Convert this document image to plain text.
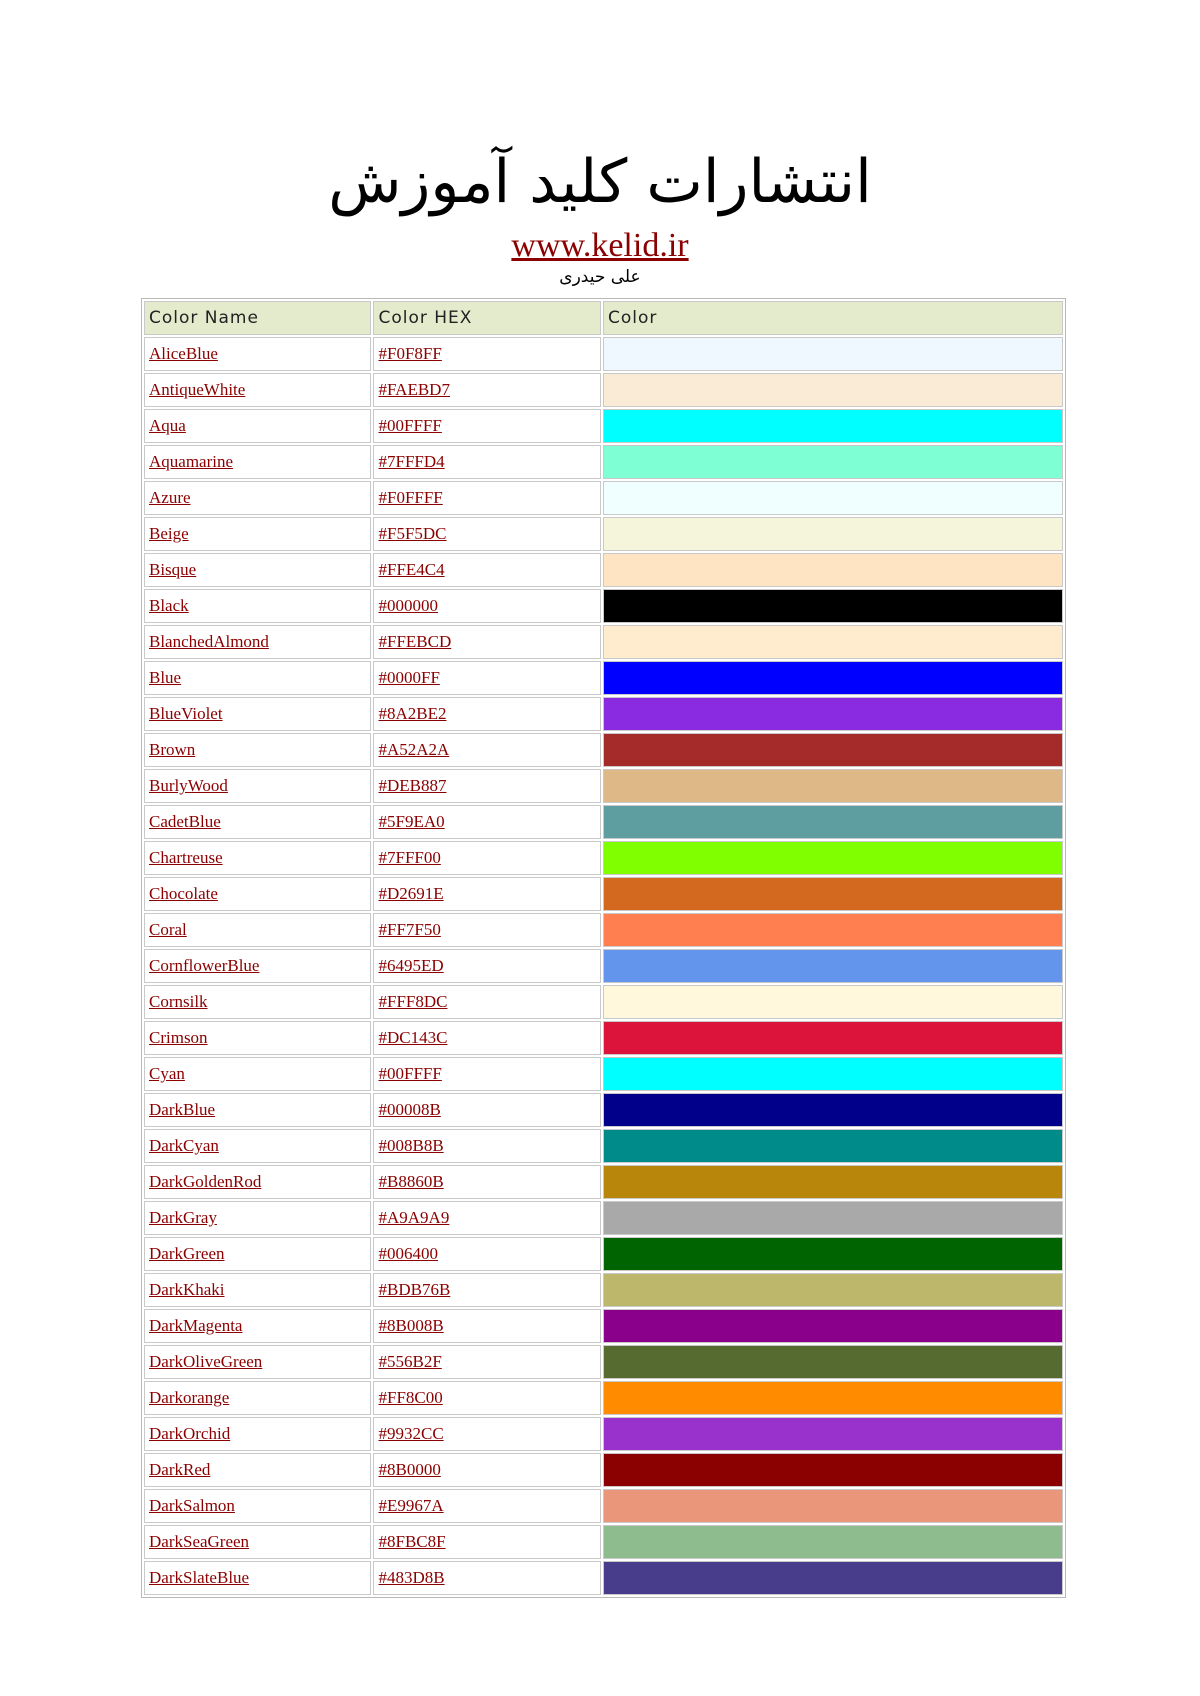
انتشارات کلید آموزش
www.kelid.ir
علی حیدری
Color Name	Color HEX	Color
AliceBlue	#F0F8FF	
AntiqueWhite	#FAEBD7	
Aqua	#00FFFF	
Aquamarine	#7FFFD4	
Azure	#F0FFFF	
Beige	#F5F5DC	
Bisque	#FFE4C4	
Black	#000000	
BlanchedAlmond	#FFEBCD	
Blue	#0000FF	
BlueViolet	#8A2BE2	
Brown	#A52A2A	
BurlyWood	#DEB887	
CadetBlue	#5F9EA0	
Chartreuse	#7FFF00	
Chocolate	#D2691E	
Coral	#FF7F50	
CornflowerBlue	#6495ED	
Cornsilk	#FFF8DC	
Crimson	#DC143C	
Cyan	#00FFFF	
DarkBlue	#00008B	
DarkCyan	#008B8B	
DarkGoldenRod	#B8860B	
DarkGray	#A9A9A9	
DarkGreen	#006400	
DarkKhaki	#BDB76B	
DarkMagenta	#8B008B	
DarkOliveGreen	#556B2F	
Darkorange	#FF8C00	
DarkOrchid	#9932CC	
DarkRed	#8B0000	
DarkSalmon	#E9967A	
DarkSeaGreen	#8FBC8F	
DarkSlateBlue	#483D8B	
